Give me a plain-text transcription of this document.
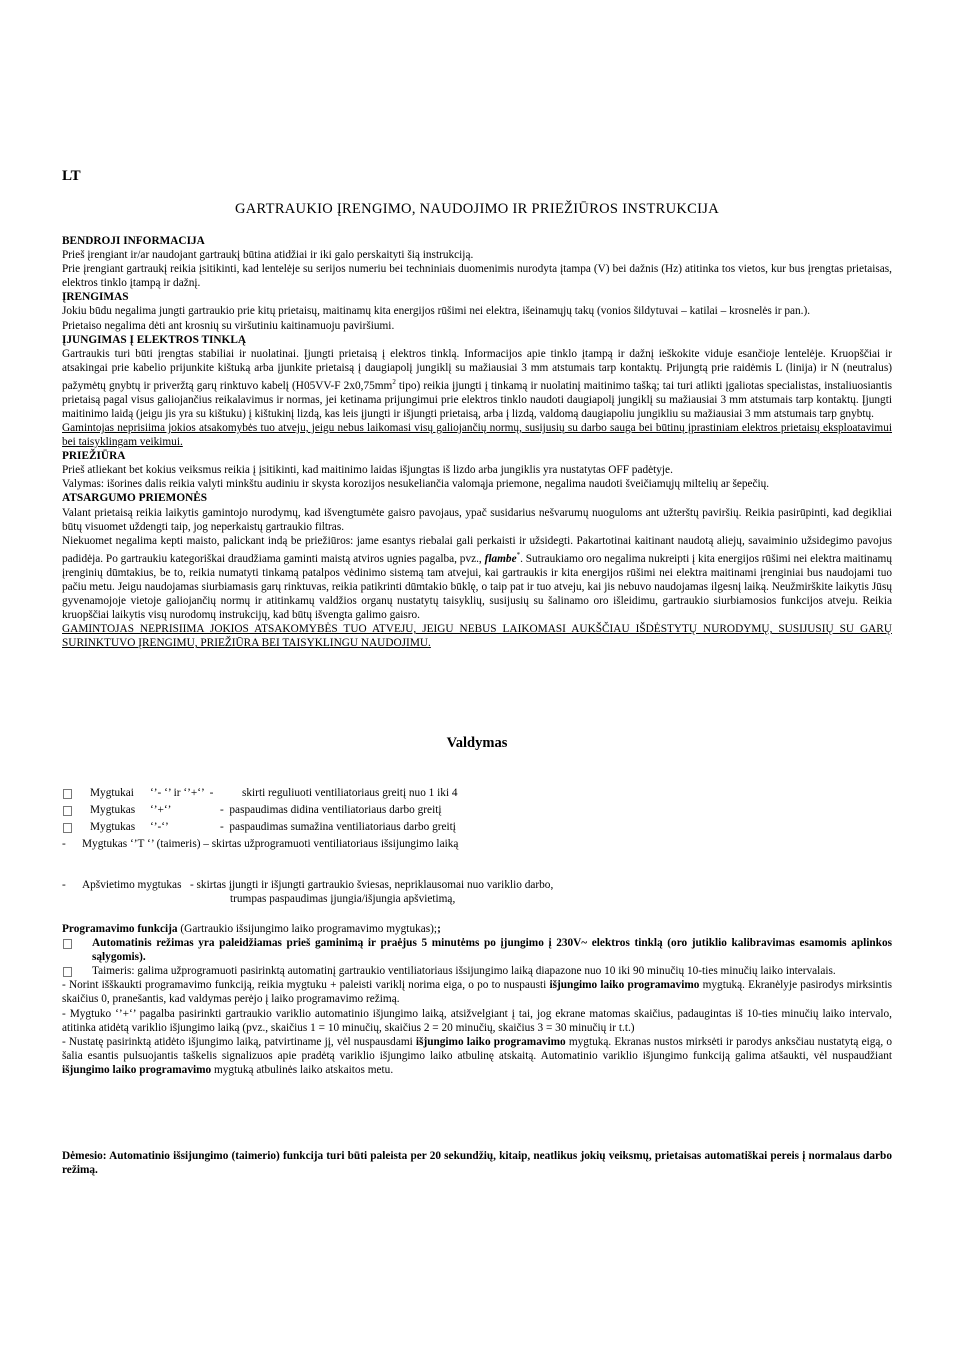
LT
GARTRAUKIO ĮRENGIMO, NAUDOJIMO IR PRIEŽIŪROS INSTRUKCIJA

BENDROJI INFORMACIJA

Prieš įrengiant ir/ar naudojant gartraukį būtina atidžiai ir iki galo perskaityti šią instrukciją.

Prie įrengiant gartraukį reikia įsitikinti, kad lentelėje su serijos numeriu bei techniniais duomenimis nurodyta įtampa (V) bei dažnis (Hz) atitinka tos vietos, kur bus įrengtas prietaisas, elektros tinklo įtampą ir dažnį.

ĮRENGIMAS

Jokiu būdu negalima jungti gartraukio prie kitų prietaisų, maitinamų kita energijos rūšimi nei elektra, išeinamųjų takų (vonios šildytuvai – katilai – krosnelės ir pan.).

Prietaiso negalima dėti ant krosnių su viršutiniu kaitinamuoju paviršiumi.

ĮJUNGIMAS Į ELEKTROS TINKLĄ

Gartraukis turi būti įrengtas stabiliai ir nuolatinai. Įjungti prietaisą į elektros tinklą. Informacijos apie tinklo įtampą ir dažnį ieškokite viduje esančioje lentelėje. Kruopščiai ir atsakingai prie kabelio prijunkite kištuką arba įjunkite prietaisą į daugiapolį jungiklį su mažiausiai 3 mm atstumais tarp kontaktų. Prijungtą prie raidėmis L (linija) ir N (neutralus) pažymėtų gnybtų ir priveržtą garų rinktuvo kabelį (H05VV-F $2x0,75mm^2$ tipo) reikia įjungti į tinkamą ir nuolatinį maitinimo tašką; tai turi atlikti įgaliotas specialistas, instaliuosiantis prietaisą pagal visus galiojančius reikalavimus ir normas, jei ketinama prijungimui prie elektros tinklo naudoti daugiapolį jungiklį su mažiausiai 3 mm atstumais tarp kontaktų. Įjungti maitinimo laidą (jeigu jis yra su kištuku) į kištukinį lizdą, kas leis įjungti ir išjungti prietaisą, arba į lizdą, valdomą daugiapoliu jungikliu su mažiausiai 3 mm atstumais tarp gnybtų.

Gamintojas neprisiima jokios atsakomybės tuo atveju, jeigu nebus laikomasi visų galiojančių normų, susijusių su darbo sauga bei būtinų įprastiniam elektros prietaisų eksploatavimui bei taisyklingam veikimui.

PRIEŽIŪRA

Prieš atliekant bet kokius veiksmus reikia į įsitikinti, kad maitinimo laidas išjungtas iš lizdo arba jungiklis yra nustatytas OFF padėtyje.

Valymas: išorines dalis reikia valyti minkštu audiniu ir skysta korozijos nesukeliančia valomąja priemone, negalima naudoti šveičiamųjų miltelių ar šepečių.

ATSARGUMO PRIEMONĖS

Valant prietaisą reikia laikytis gamintojo nurodymų, kad išvengtumėte gaisro pavojaus, ypač susidarius nešvarumų nuoguloms ant užterštų paviršių. Reikia pasirūpinti, kad degikliai būtų visuomet uždengti taip, jog neperkaistų gartraukio filtras.

Niekuomet negalima kepti maisto, palickant indą be priežiūros: jame esantys riebalai gali perkaisti ir užsidegti. Pakartotinai kaitinant naudotą aliejų, savaiminio užsidegimo pavojus padidėja. Po gartraukiu kategoriškai draudžiama gaminti maistą atviros ugnies pagalba, pvz., flambe*. Sutraukiamo oro negalima nukreipti į kita energijos rūšimi nei elektra maitinamų įrenginių dūmtakius, be to, reikia numatyti tinkamą patalpos vėdinimo sistemą tam atvejui, kai gartraukis ir kita energijos rūšimi nei elektra maitinami įrenginiai bus naudojami tuo pačiu metu. Jeigu naudojamas siurbiamasis garų rinktuvas, reikia patikrinti dūmtakio būklę, o taip pat ir tuo atveju, kai jis nebuvo naudojamas ilgesnį laiką. Neužmirškite laikytis Jūsų gyvenamojoje vietoje galiojančių normų ir atitinkamų valdžios organų nustatytų taisyklių, susijusių su šalinamo oro išleidimu, gartraukio siurbiamosios funkcijos atveju. Reikia kruopščiai laikytis visų nurodomų instrukcijų, kad būtų išvengta galimo gaisro.

GAMINTOJAS NEPRISIIMA JOKIOS ATSAKOMYBĖS TUO ATVEJU, JEIGU NEBUS LAIKOMASI AUKŠČIAU IŠDĖSTYTŲ NURODYMŲ, SUSIJUSIŲ SU GARŲ SURINKTUVO ĮRENGIMU, PRIEŽIŪRA BEI TAISYKLINGU NAUDOJIMU.

Valdymas
Mygtukai	‘’- ‘’ ir ‘’+‘’  -	skirti reguliuoti ventiliatoriaus greitį nuo 1 iki 4
Mygtukas	‘’+‘’	-  paspaudimas didina ventiliatoriaus darbo greitį
Mygtukas	‘’-‘’	-  paspaudimas sumažina ventiliatoriaus darbo greitį
-	Mygtukas ‘’T ‘’ (taimeris) – skirtas užprogramuoti ventiliatoriaus išsijungimo laiką
- Apšvietimo mygtukas   - skirtas įjungti ir išjungti gartraukio šviesas, nepriklausomai nuo variklio darbo,
trumpas paspaudimas įjungia/išjungia apšvietimą,

Programavimo funkcija (Gartraukio išsijungimo laiko programavimo mygtukas);;

Automatinis režimas yra paleidžiamas prieš gaminimą ir praėjus 5 minutėms po įjungimo į 230V~ elektros tinklą (oro jutiklio kalibravimas esamomis aplinkos sąlygomis).
Taimeris: galima užprogramuoti pasirinktą automatinį gartraukio ventiliatoriaus išsijungimo laiką diapazone nuo 10 iki 90 minučių 10-ties minučių laiko intervalais.

- Norint išškaukti programavimo funkciją, reikia mygtuku + paleisti variklį norima eiga, o po to nuspausti išjungimo laiko programavimo mygtuką. Ekranėlyje pasirodys mirksintis skaičius 0, pranešantis, kad valdymas perėjo į laiko programavimo režimą.

- Mygtuko ‘’+‘’ pagalba pasirinkti gartraukio variklio automatinio išjungimo laiką, atsižvelgiant į tai, jog ekrane matomas skaičius, padaugintas iš 10-ties minučių laiko intervalo, atitinka atidėtą variklio išjungimo laiką (pvz., skaičius 1 = 10 minučių, skaičius 2 = 20 minučių, skaičius 3 = 30 minučių ir t.t.)

- Nustatę pasirinktą atidėto išjungimo laiką, patvirtiname jį, vėl nuspausdami išjungimo laiko programavimo mygtuką. Ekranas nustos mirksėti ir parodys anksčiau nustatytą eigą, o šalia esantis pulsuojantis taškelis signalizuos apie pradėtą variklio išjungimo laiko atbulinę atskaitą. Automatinio variklio išjungimo funkciją galima atšaukti, vėl nuspaudžiant išjungimo laiko programavimo mygtuką atbulinės laiko atskaitos metu.

Dėmesio: Automatinio išsijungimo (taimerio) funkcija turi būti paleista per 20 sekundžių, kitaip, neatlikus jokių veiksmų, prietaisas automatiškai pereis į normalaus darbo režimą.
